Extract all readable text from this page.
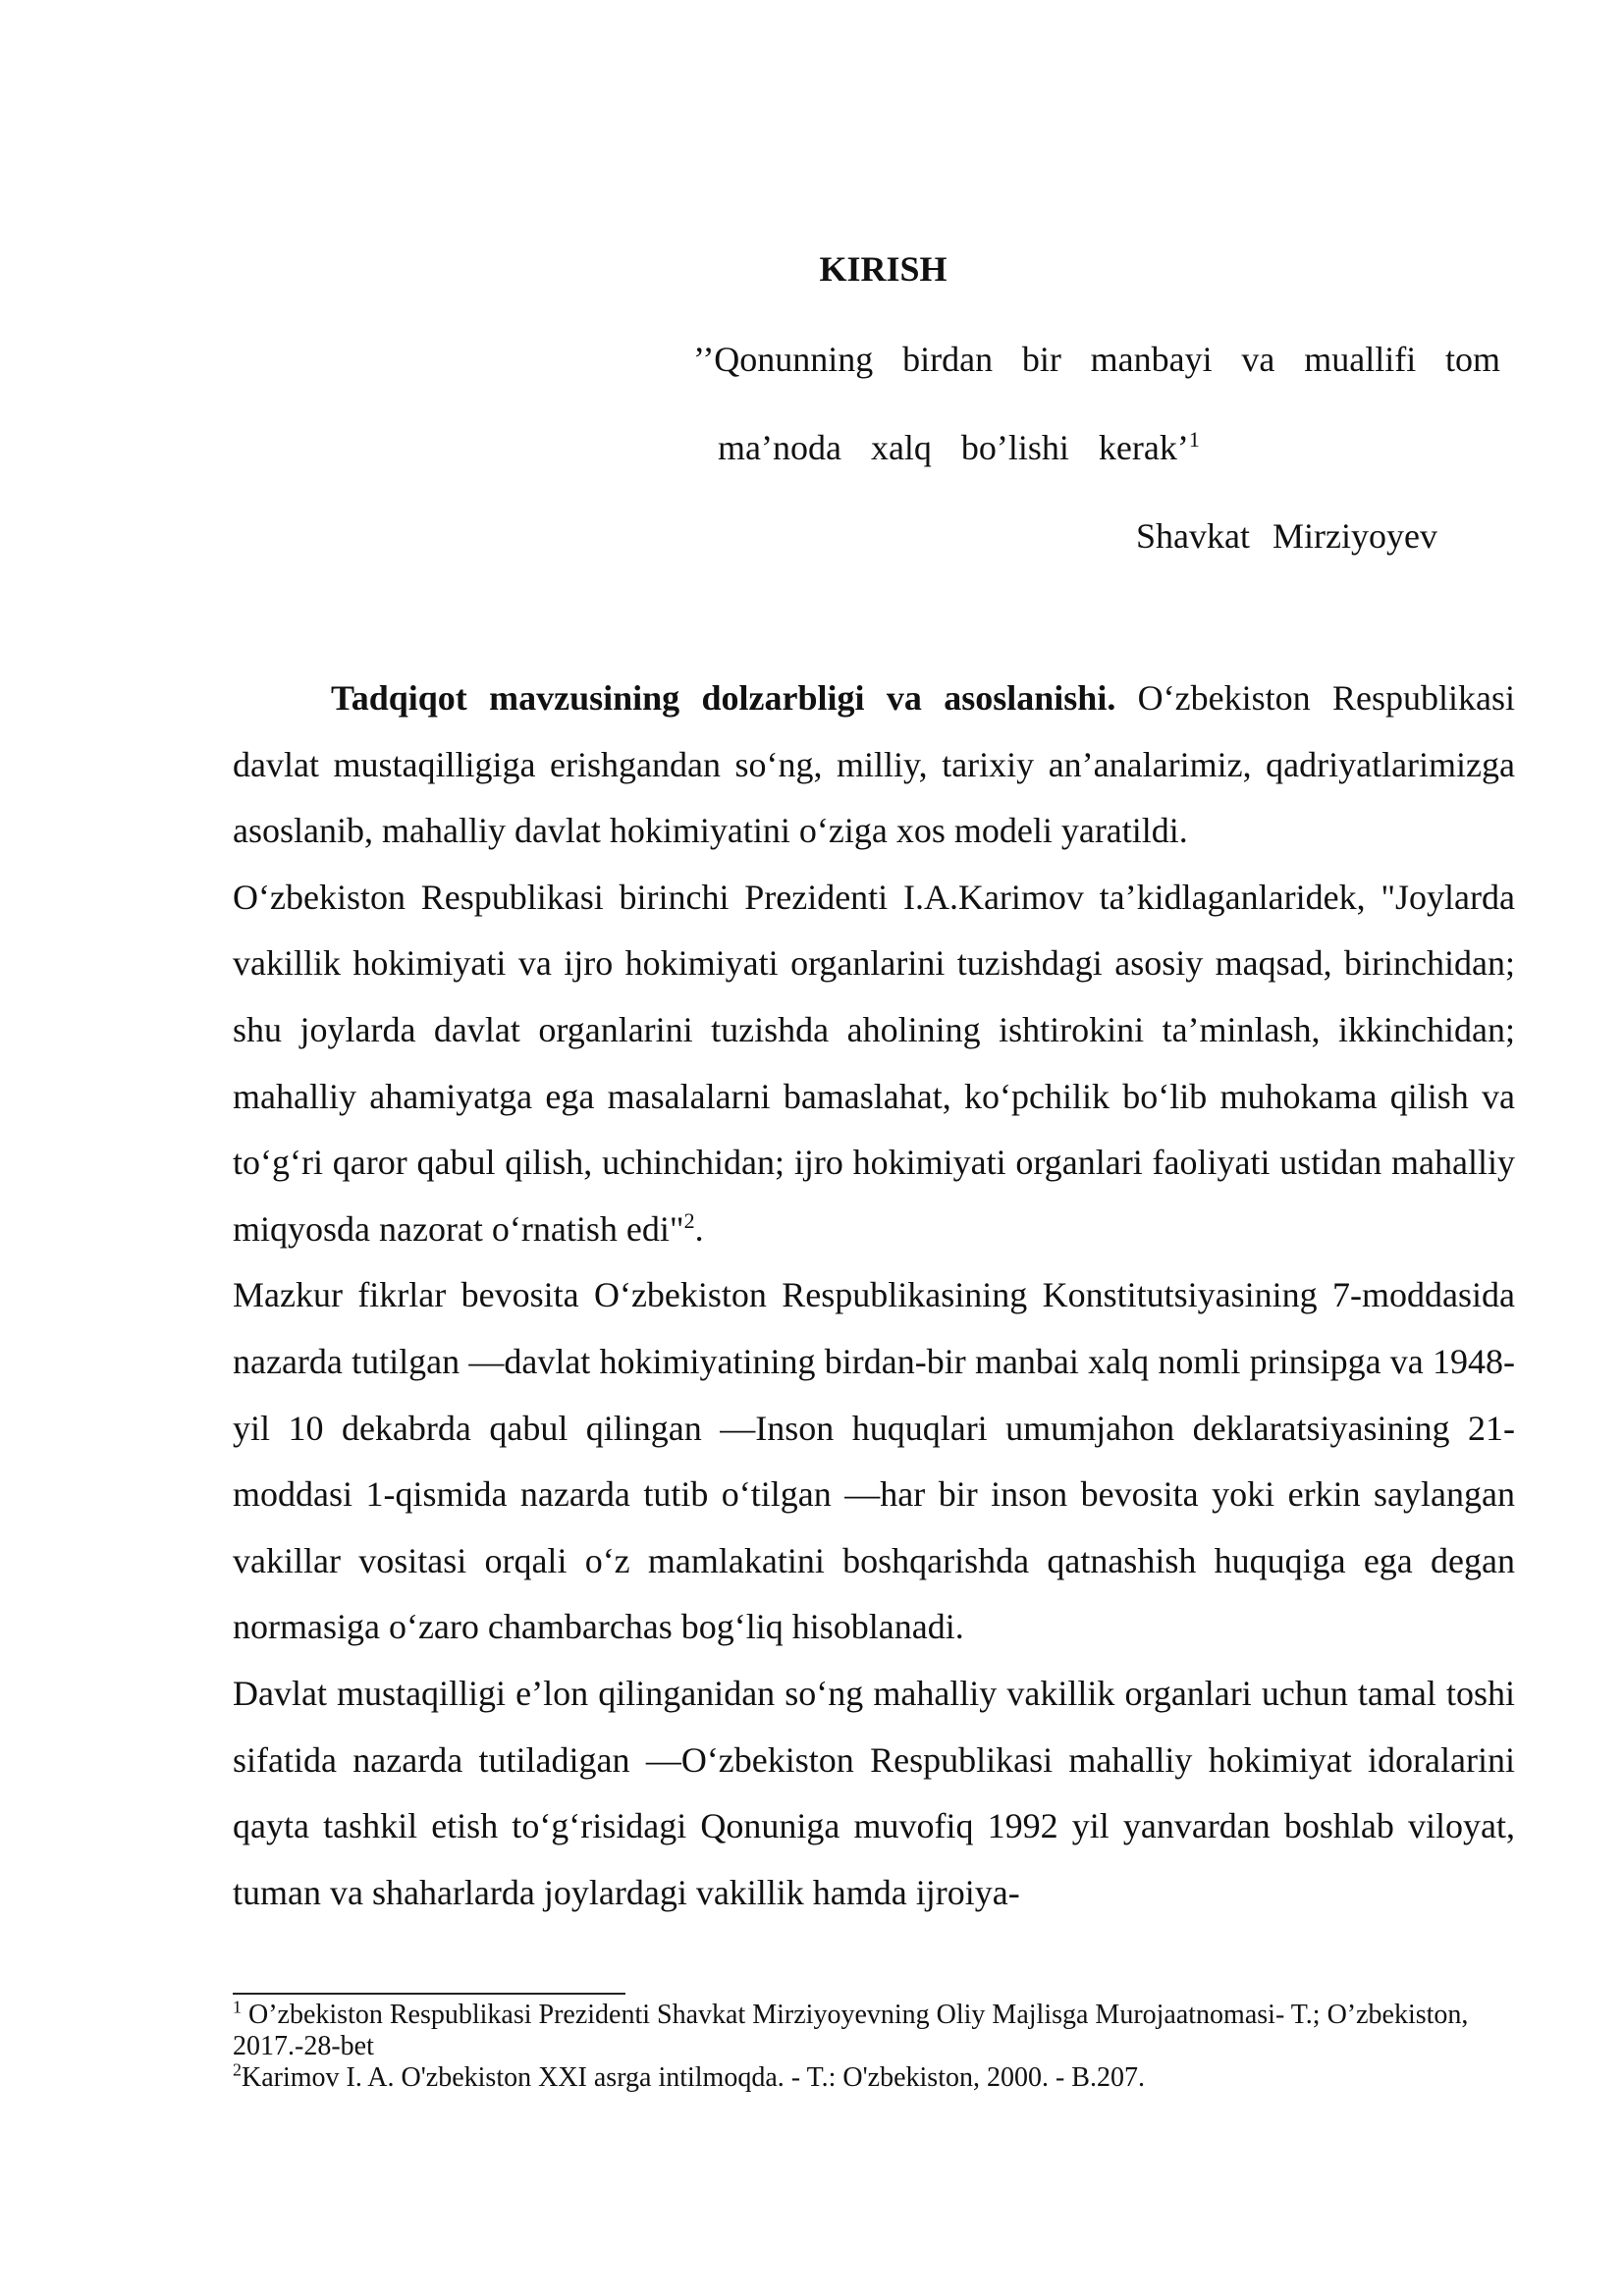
KIRISH
’’Qonunning birdan bir manbayi va muallifi tom
ma’noda  xalq  bo’lishi  kerak’$^1$
Shavkat Mirziyoyev

Tadqiqot mavzusining dolzarbligi va asoslanishi. O‘zbekiston Respublikasi davlat mustaqilligiga erishgandan so‘ng, milliy, tarixiy an’analarimiz, qadriyatlarimizga asoslanib, mahalliy davlat hokimiyatini o‘ziga xos modeli yaratildi.

O‘zbekiston Respublikasi birinchi Prezidenti I.A.Karimov ta’kidlaganlaridek, "Joylarda vakillik hokimiyati va ijro hokimiyati organlarini tuzishdagi asosiy maqsad, birinchidan; shu joylarda davlat organlarini tuzishda aholining ishtirokini ta’minlash, ikkinchidan; mahalliy ahamiyatga ega masalalarni bamaslahat, ko‘pchilik bo‘lib muhokama qilish va to‘g‘ri qaror qabul qilish, uchinchidan; ijro hokimiyati organlari faoliyati ustidan mahalliy miqyosda nazorat o‘rnatish edi"$^2$.

Mazkur fikrlar bevosita O‘zbekiston Respublikasining Konstitutsiyasining 7-moddasida nazarda tutilgan ―davlat hokimiyatining birdan-bir manbai xalq nomli prinsipga va 1948-yil 10 dekabrda qabul qilingan ―Inson huquqlari umumjahon deklaratsiyasining 21-moddasi 1-qismida nazarda tutib o‘tilgan ―har bir inson bevosita yoki erkin saylangan vakillar vositasi orqali o‘z mamlakatini boshqarishda qatnashish huquqiga ega degan normasiga o‘zaro chambarchas bog‘liq hisoblanadi.

Davlat mustaqilligi e’lon qilinganidan so‘ng mahalliy vakillik organlari uchun tamal toshi sifatida nazarda tutiladigan ―O‘zbekiston Respublikasi mahalliy hokimiyat idoralarini qayta tashkil etish to‘g‘risidagi Qonuniga muvofiq 1992 yil yanvardan boshlab viloyat, tuman va shaharlarda joylardagi vakillik hamda ijroiya-

$^1$ O’zbekiston Respublikasi Prezidenti Shavkat Mirziyoyevning Oliy Majlisga Murojaatnomasi- T.; O’zbekiston, 2017.-28-bet

$^2$Karimov I. A. O'zbekiston XXI asrga intilmoqda. - T.: O'zbekiston, 2000. - B.207.
